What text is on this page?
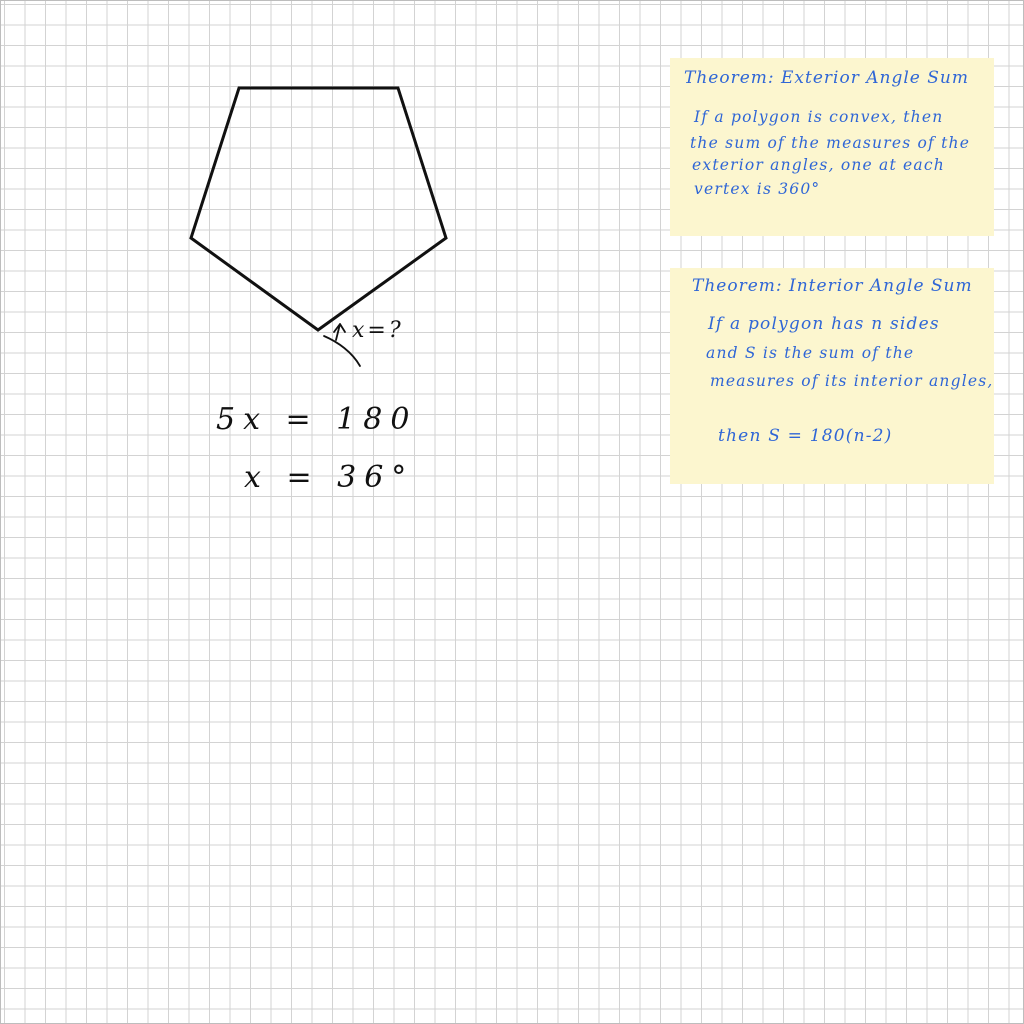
x=?
5x = 180
x = 36°
Theorem: Exterior Angle Sum
If a polygon is convex, then
the sum of the measures of the
exterior angles, one at each
vertex is 360°
Theorem: Interior Angle Sum
If a polygon has n sides
and S is the sum of the
measures of its interior angles,
then S = 180(n-2)
